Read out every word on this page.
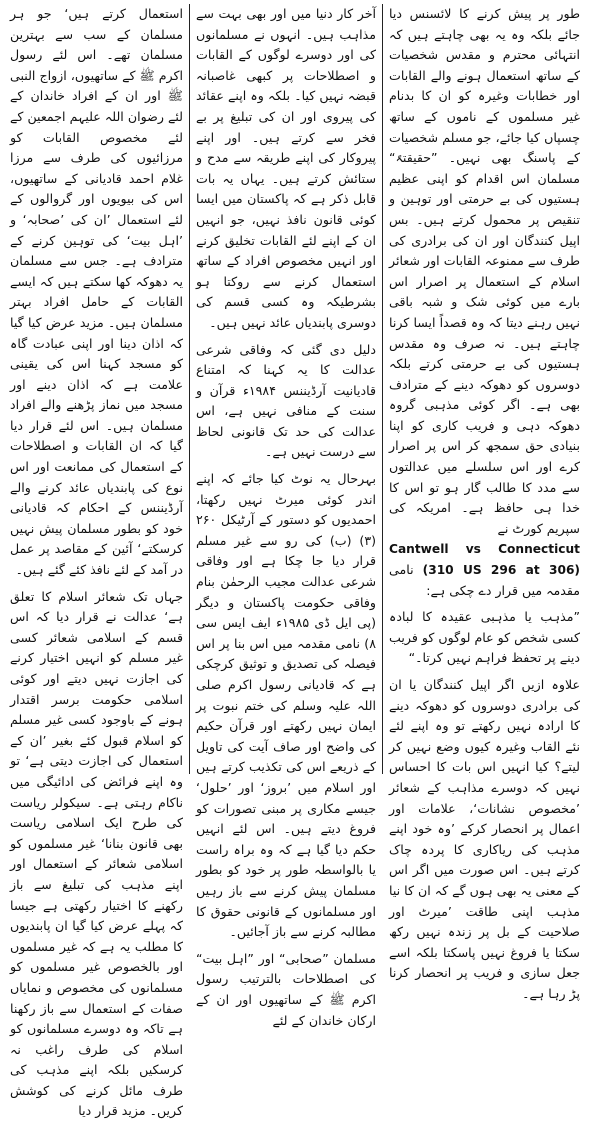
طور پر پیش کرنے کا لائسنس دیا جائے بلکہ وہ یہ بھی چاہتے ہیں کہ انتہائی محترم و مقدس شخصیات کے ساتھ استعمال ہونے والے القابات اور خطابات وغیرہ کو ان کا بدنام غیر مسلموں کے ناموں کے ساتھ چسپاں کیا جائے، جو مسلم شخصیات کے پاسنگ بھی نہیں۔ ”حقیقتہً“ مسلمان اس اقدام کو اپنی عظیم ہستیوں کی بے حرمتی اور توہین و تنقیص پر محمول کرتے ہیں۔ بس اپیل کنندگان اور ان کی برادری کی طرف سے ممنوعہ القابات اور شعائر اسلام کے استعمال پر اصرار اس بارے میں کوئی شک و شبہ باقی نہیں رہنے دیتا کہ وہ قصداً ایسا کرنا چاہتے ہیں۔ نہ صرف وہ مقدس ہستیوں کی بے حرمتی کرتے بلکہ دوسروں کو دھوکہ دینے کے مترادف بھی ہے۔ اگر کوئی مذہبی گروہ دھوکہ دہی و فریب کاری کو اپنا بنیادی حق سمجھ کر اس پر اصرار کرے اور اس سلسلے میں عدالتوں سے مدد کا طالب گار ہو تو اس کا خدا ہی حافظ ہے۔ امریکہ کی سپریم کورٹ نے

Cantwell vs Connecticut (310 US 296 at 306) نامی مقدمہ میں قرار دے چکی ہے:

”مذہب یا مذہبی عقیدہ کا لبادہ کسی شخص کو عام لوگوں کو فریب دینے پر تحفظ فراہم نہیں کرتا۔“

علاوہ ازیں اگر اپیل کنندگان یا ان کی برادری دوسروں کو دھوکہ دینے کا ارادہ نہیں رکھتے تو وہ اپنے لئے نئے القاب وغیرہ کیوں وضع نہیں کر لیتے؟ کیا انہیں اس بات کا احساس نہیں کہ دوسرے مذاہب کے شعائر ’مخصوص نشانات‘، علامات اور اعمال پر انحصار کرکے ’وہ خود اپنے مذہب کی ریاکاری کا پردہ چاک کرتے ہیں۔ اس صورت میں اگر اس کے معنی یہ بھی ہوں گے کہ ان کا نیا مذہب اپنی طاقت ’میرٹ اور صلاحیت کے بل پر زندہ نہیں رکھ سکتا یا فروغ نہیں پاسکتا بلکہ اسے جعل سازی و فریب پر انحصار کرنا پڑ رہا ہے۔

آخر کار دنیا میں اور بھی بہت سے مذاہب ہیں۔ انہوں نے مسلمانوں کی اور دوسرے لوگوں کے القابات و اصطلاحات پر کبھی غاصبانہ قبضہ نہیں کیا۔ بلکہ وہ اپنے عقائد کی پیروی اور ان کی تبلیغ پر بے فخر سے کرتے ہیں۔ اور اپنے پیروکار کی اپنے طریقہ سے مدح و ستائش کرتے ہیں۔ یہاں یہ بات قابل ذکر ہے کہ پاکستان میں ایسا کوئی قانون نافذ نہیں، جو انہیں ان کے اپنے لئے القابات تخلیق کرنے اور انہیں مخصوص افراد کے ساتھ استعمال کرنے سے روکتا ہو بشرطیکہ وہ کسی قسم کی دوسری پابندیاں عائد نہیں ہیں۔

دلیل دی گئی کہ وفاقی شرعی عدالت کا یہ کہنا کہ امتناع قادیانیت آرڈیننس ۱۹۸۴ء قرآن و سنت کے منافی نہیں ہے، اس عدالت کی حد تک قانونی لحاظ سے درست نہیں ہے۔

بہرحال یہ نوٹ کیا جائے کہ اپنے اندر کوئی میرٹ نہیں رکھتا، احمدیوں کو دستور کے آرٹیکل ۲۶۰ (۳) (ب) کی رو سے غیر مسلم قرار دیا جا چکا ہے اور وفاقی شرعی عدالت مجیب الرحمٰن بنام وفاقی حکومت پاکستان و دیگر (پی ایل ڈی ۱۹۸۵ء ایف ایس سی ۸) نامی مقدمہ میں اس بنا پر اس فیصلہ کی تصدیق و توثیق کرچکی ہے کہ قادیانی رسول اکرم صلی اللہ علیہ وسلم کی ختم نبوت پر ایمان نہیں رکھتے اور قرآن حکیم کی واضح اور صاف آیت کی تاویل کے ذریعے اس کی تکذیب کرتے ہیں اور اسلام میں ’بروز‘ اور ’حلول‘ جیسے مکاری پر مبنی تصورات کو فروغ دیتے ہیں۔ اس لئے انہیں حکم دیا گیا ہے کہ وہ براہ راست یا بالواسطہ طور پر خود کو بطور مسلمان پیش کرنے سے باز رہیں اور مسلمانوں کے قانونی حقوق کا مطالبہ کرنے سے باز آجائیں۔

مسلمان ”صحابی“ اور ”اہل بیت“ کی اصطلاحات بالترتیب رسول اکرم ﷺ کے ساتھیوں اور ان کے ارکان خاندان کے لئے

استعمال کرتے ہیں‘ جو ہر مسلمان کے سب سے بہترین مسلمان تھے۔ اس لئے رسول اکرم ﷺ کے ساتھیوں، ازواج النبی ﷺ اور ان کے افراد خاندان کے لئے رضوان اللہ علیہم اجمعین کے لئے مخصوص القابات کو مرزائیوں کی طرف سے مرزا غلام احمد قادیانی کے ساتھیوں، اس کی بیویوں اور گروالوں کے لئے استعمال ’ان کی ’صحابہ‘ و ’اہل بیت‘ کی توہین کرنے کے مترادف ہے۔ جس سے مسلمان یہ دھوکہ کھا سکتے ہیں کہ ایسے القابات کے حامل افراد بہتر مسلمان ہیں۔ مزید عرض کیا گیا کہ اذان دینا اور اپنی عبادت گاہ کو مسجد کہنا اس کی یقینی علامت ہے کہ اذان دینے اور مسجد میں نماز پڑھنے والے افراد مسلمان ہیں۔ اس لئے قرار دیا گیا کہ ان القابات و اصطلاحات کے استعمال کی ممانعت اور اس نوع کی پابندیاں عائد کرنے والے آرڈیننس کے احکام کہ قادیانی خود کو بطور مسلمان پیش نہیں کرسکتے‘ آئین کے مقاصد پر عمل در آمد کے لئے نافذ کئے گئے ہیں۔

جہاں تک شعائر اسلام کا تعلق ہے‘ عدالت نے قرار دیا کہ اس قسم کے اسلامی شعائر کسی غیر مسلم کو انہیں اختیار کرنے کی اجازت نہیں دیتے اور کوئی اسلامی حکومت برسر اقتدار ہونے کے باوجود کسی غیر مسلم کو اسلام قبول کئے بغیر ’ان کے استعمال کی اجازت دیتی ہے‘ تو وہ اپنے فرائض کی ادائیگی میں ناکام رہتی ہے۔ سیکولر ریاست کی طرح ایک اسلامی ریاست بھی قانون بنانا‘ غیر مسلموں کو اسلامی شعائر کے استعمال اور اپنے مذہب کی تبلیغ سے باز رکھنے کا اختیار رکھتی ہے جیسا کہ پہلے عرض کیا گیا ان پابندیوں کا مطلب یہ ہے کہ غیر مسلموں اور بالخصوص غیر مسلموں کو مسلمانوں کی مخصوص و نمایاں صفات کے استعمال سے باز رکھنا ہے تاکہ وہ دوسرے مسلمانوں کو اسلام کی طرف راغب نہ کرسکیں بلکہ اپنے مذہب کی طرف مائل کرنے کی کوشش کریں۔ مزید قرار دیا
